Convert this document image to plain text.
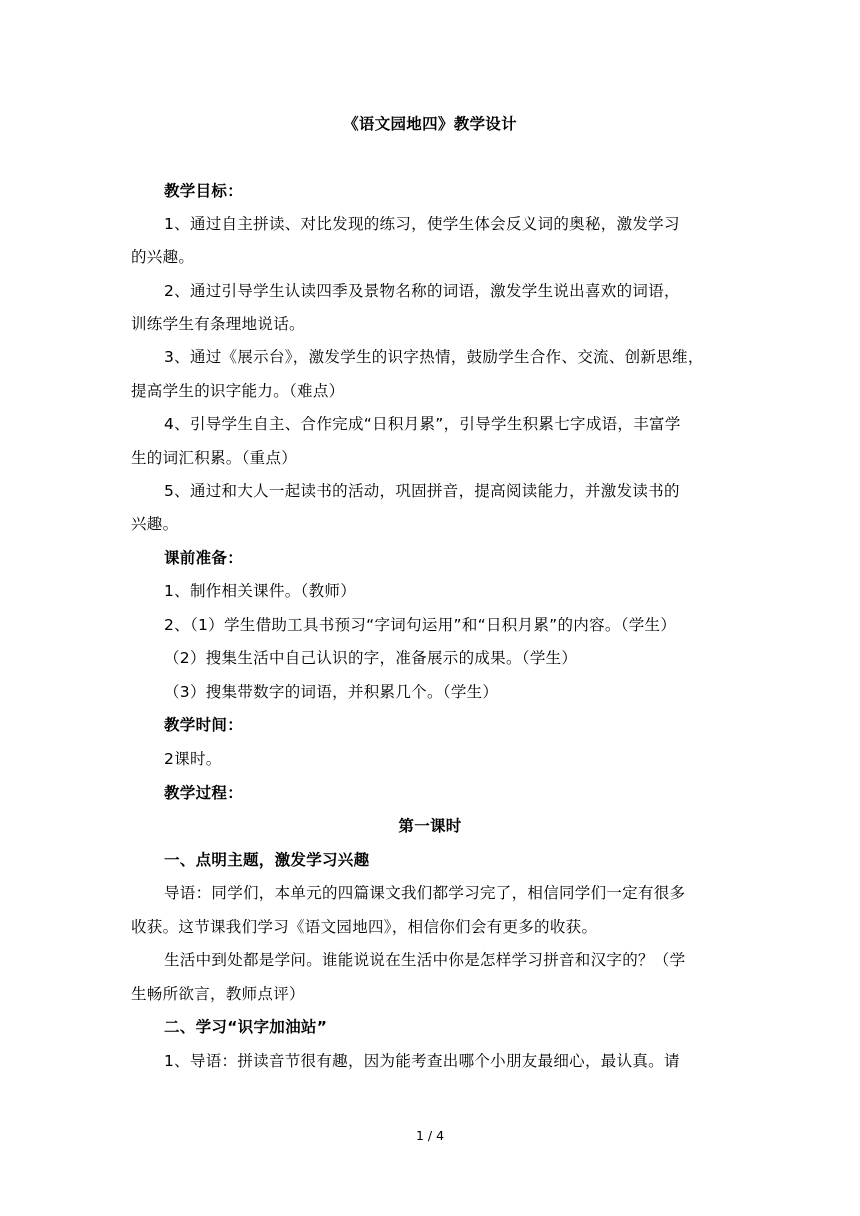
《语文园地四》教学设计
教学目标：
1、通过自主拼读、对比发现的练习，使学生体会反义词的奥秘，激发学习
的兴趣。
2、通过引导学生认读四季及景物名称的词语，激发学生说出喜欢的词语，
训练学生有条理地说话。
3、通过《展示台》，激发学生的识字热情，鼓励学生合作、交流、创新思维，
提高学生的识字能力。（难点）
4、引导学生自主、合作完成“日积月累”，引导学生积累七字成语，丰富学
生的词汇积累。（重点）
5、通过和大人一起读书的活动，巩固拼音，提高阅读能力，并激发读书的
兴趣。
课前准备：
1、制作相关课件。（教师）
2、（1）学生借助工具书预习“字词句运用”和“日积月累”的内容。（学生）
（2）搜集生活中自己认识的字，准备展示的成果。（学生）
（3）搜集带数字的词语，并积累几个。（学生）
教学时间：
2课时。
教学过程：
第一课时
一、点明主题，激发学习兴趣
导语：同学们，本单元的四篇课文我们都学习完了，相信同学们一定有很多
收获。这节课我们学习《语文园地四》，相信你们会有更多的收获。
生活中到处都是学问。谁能说说在生活中你是怎样学习拼音和汉字的？（学
生畅所欲言，教师点评）
二、学习“识字加油站”
1、导语：拼读音节很有趣，因为能考查出哪个小朋友最细心，最认真。请
1 / 4
